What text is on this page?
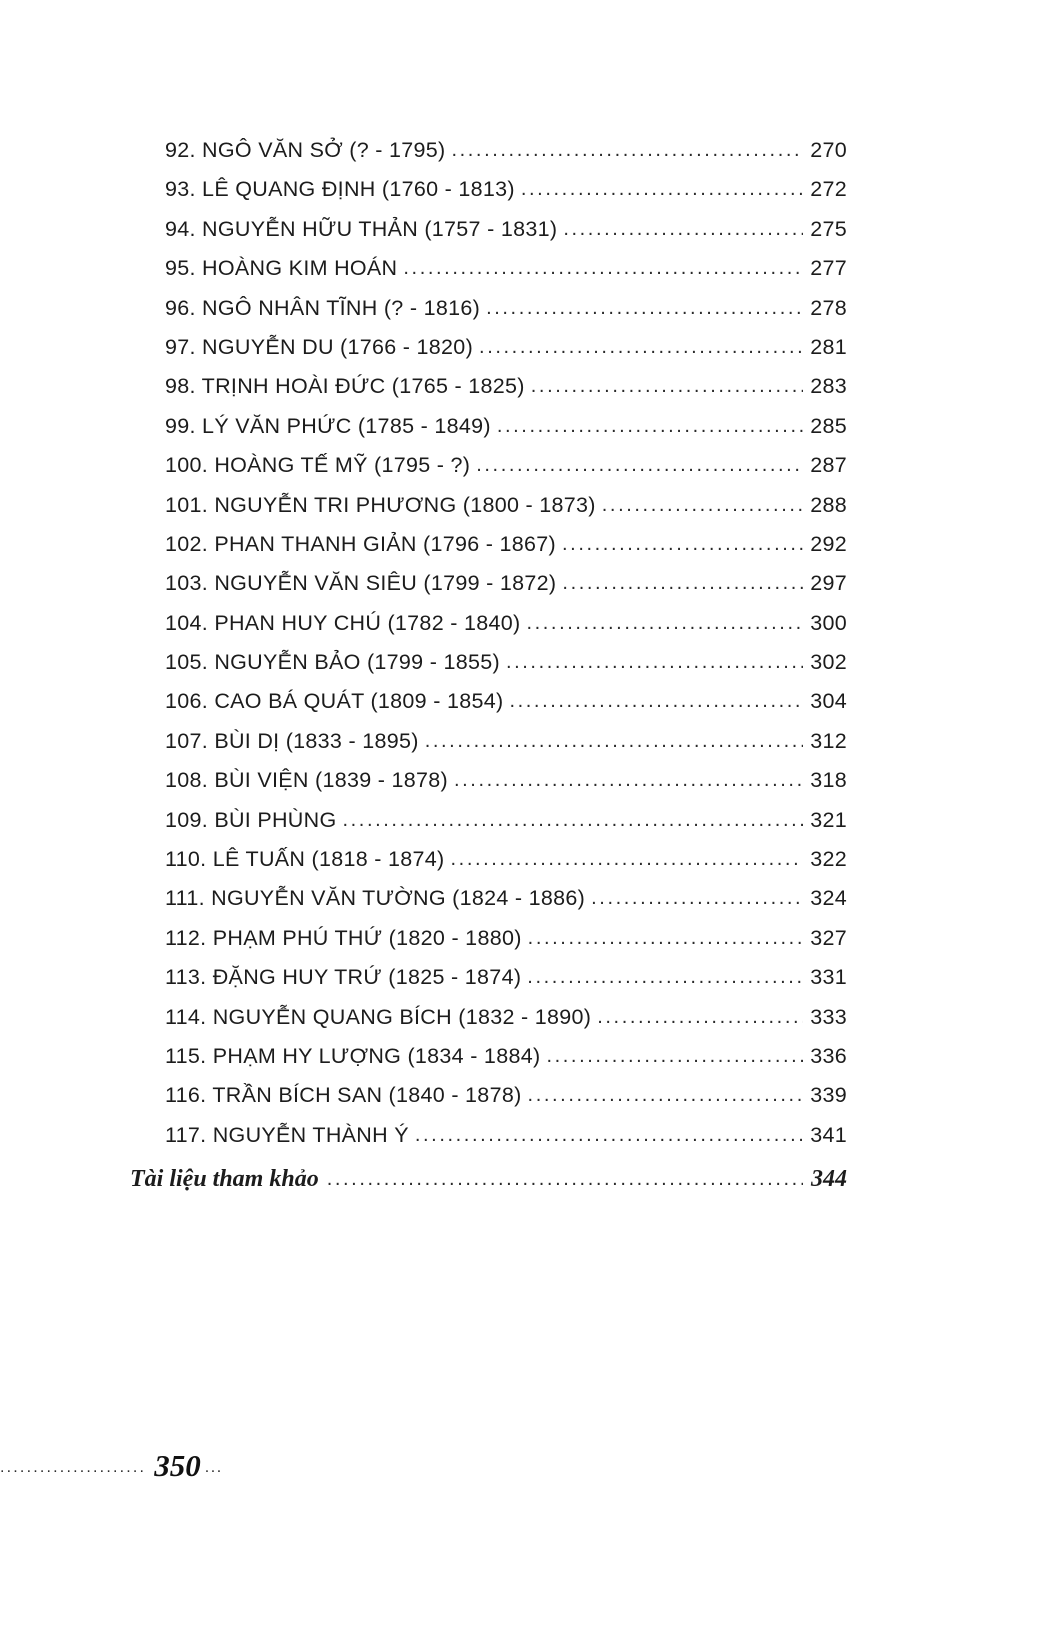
92. NGÔ VĂN SỞ (? - 1795) .....	270
93. LÊ QUANG ĐỊNH (1760 - 1813) .....	272
94. NGUYỄN HỮU THẢN (1757 - 1831) .....	275
95. HOÀNG KIM HOÁN .....	277
96. NGÔ NHÂN TĨNH (? - 1816) .....	278
97. NGUYỄN DU (1766 - 1820) .....	281
98. TRỊNH HOÀI ĐỨC (1765 - 1825) .....	283
99. LÝ VĂN PHỨC (1785 - 1849) .....	285
100. HOÀNG TẾ MỸ (1795 - ?) .....	287
101. NGUYỄN TRI PHƯƠNG (1800 - 1873) .....	288
102. PHAN THANH GIẢN (1796 - 1867) .....	292
103. NGUYỄN VĂN SIÊU (1799 - 1872) .....	297
104. PHAN HUY CHÚ (1782 - 1840) .....	300
105. NGUYỄN BẢO (1799 - 1855) .....	302
106. CAO BÁ QUÁT (1809 - 1854) .....	304
107. BÙI DỊ (1833 - 1895) .....	312
108. BÙI VIỆN (1839 - 1878) .....	318
109. BÙI PHÙNG .....	321
110. LÊ TUẤN (1818 - 1874) .....	322
111. NGUYỄN VĂN TƯỜNG (1824 - 1886) .....	324
112. PHẠM PHÚ THỨ (1820 - 1880) .....	327
113. ĐẶNG HUY TRỨ (1825 - 1874) .....	331
114. NGUYỄN QUANG BÍCH (1832 - 1890) .....	333
115. PHẠM HY LƯỢNG (1834 - 1884) .....	336
116. TRẦN BÍCH SAN (1840 - 1878) .....	339
117. NGUYỄN THÀNH Ý .....	341
Tài liệu tham khảo .....	344
...................... 350 ...
